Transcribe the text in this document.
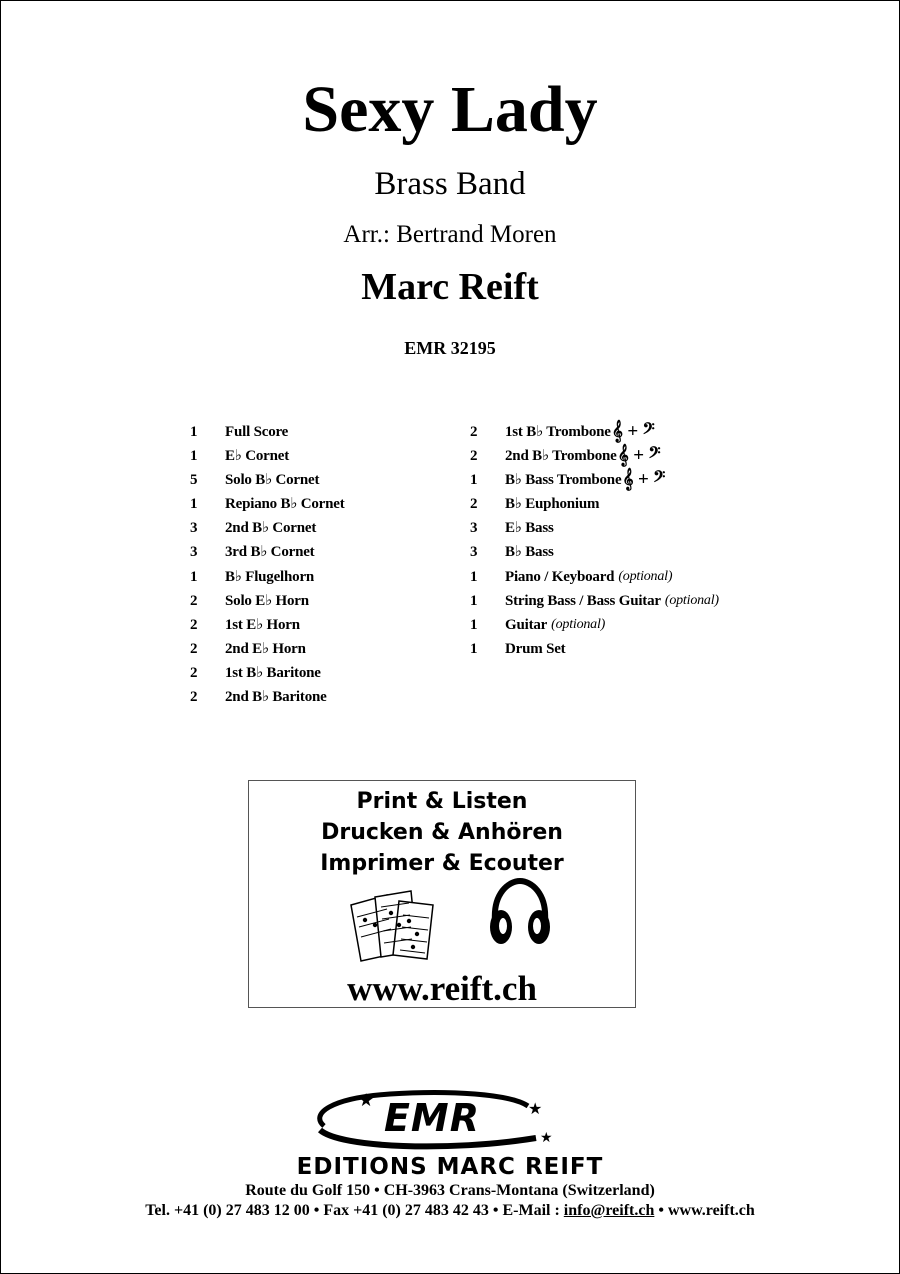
Sexy Lady
Brass Band
Arr.: Bertrand Moren
Marc Reift
EMR 32195
1	Full Score
1	E♭ Cornet
5	Solo B♭ Cornet
1	Repiano B♭ Cornet
3	2nd B♭ Cornet
3	3rd B♭ Cornet
1	B♭ Flugelhorn
2	Solo E♭ Horn
2	1st E♭ Horn
2	2nd E♭ Horn
2	1st B♭ Baritone
2	2nd B♭ Baritone
2	1st B♭ Trombone 𝄞 + 𝄢
2	2nd B♭ Trombone 𝄞 + 𝄢
1	B♭ Bass Trombone 𝄞 + 𝄢
2	B♭ Euphonium
3	E♭ Bass
3	B♭ Bass
1	Piano / Keyboard (optional)
1	String Bass / Bass Guitar (optional)
1	Guitar (optional)
1	Drum Set
Print & Listen
Drucken & Anhören
Imprimer & Ecouter
www.reift.ch
EMR
★	★
★
EDITIONS MARC REIFT
Route du Golf 150 • CH-3963 Crans-Montana (Switzerland)
Tel. +41 (0) 27 483 12 00 • Fax +41 (0) 27 483 42 43 • E-Mail : info@reift.ch • www.reift.ch
